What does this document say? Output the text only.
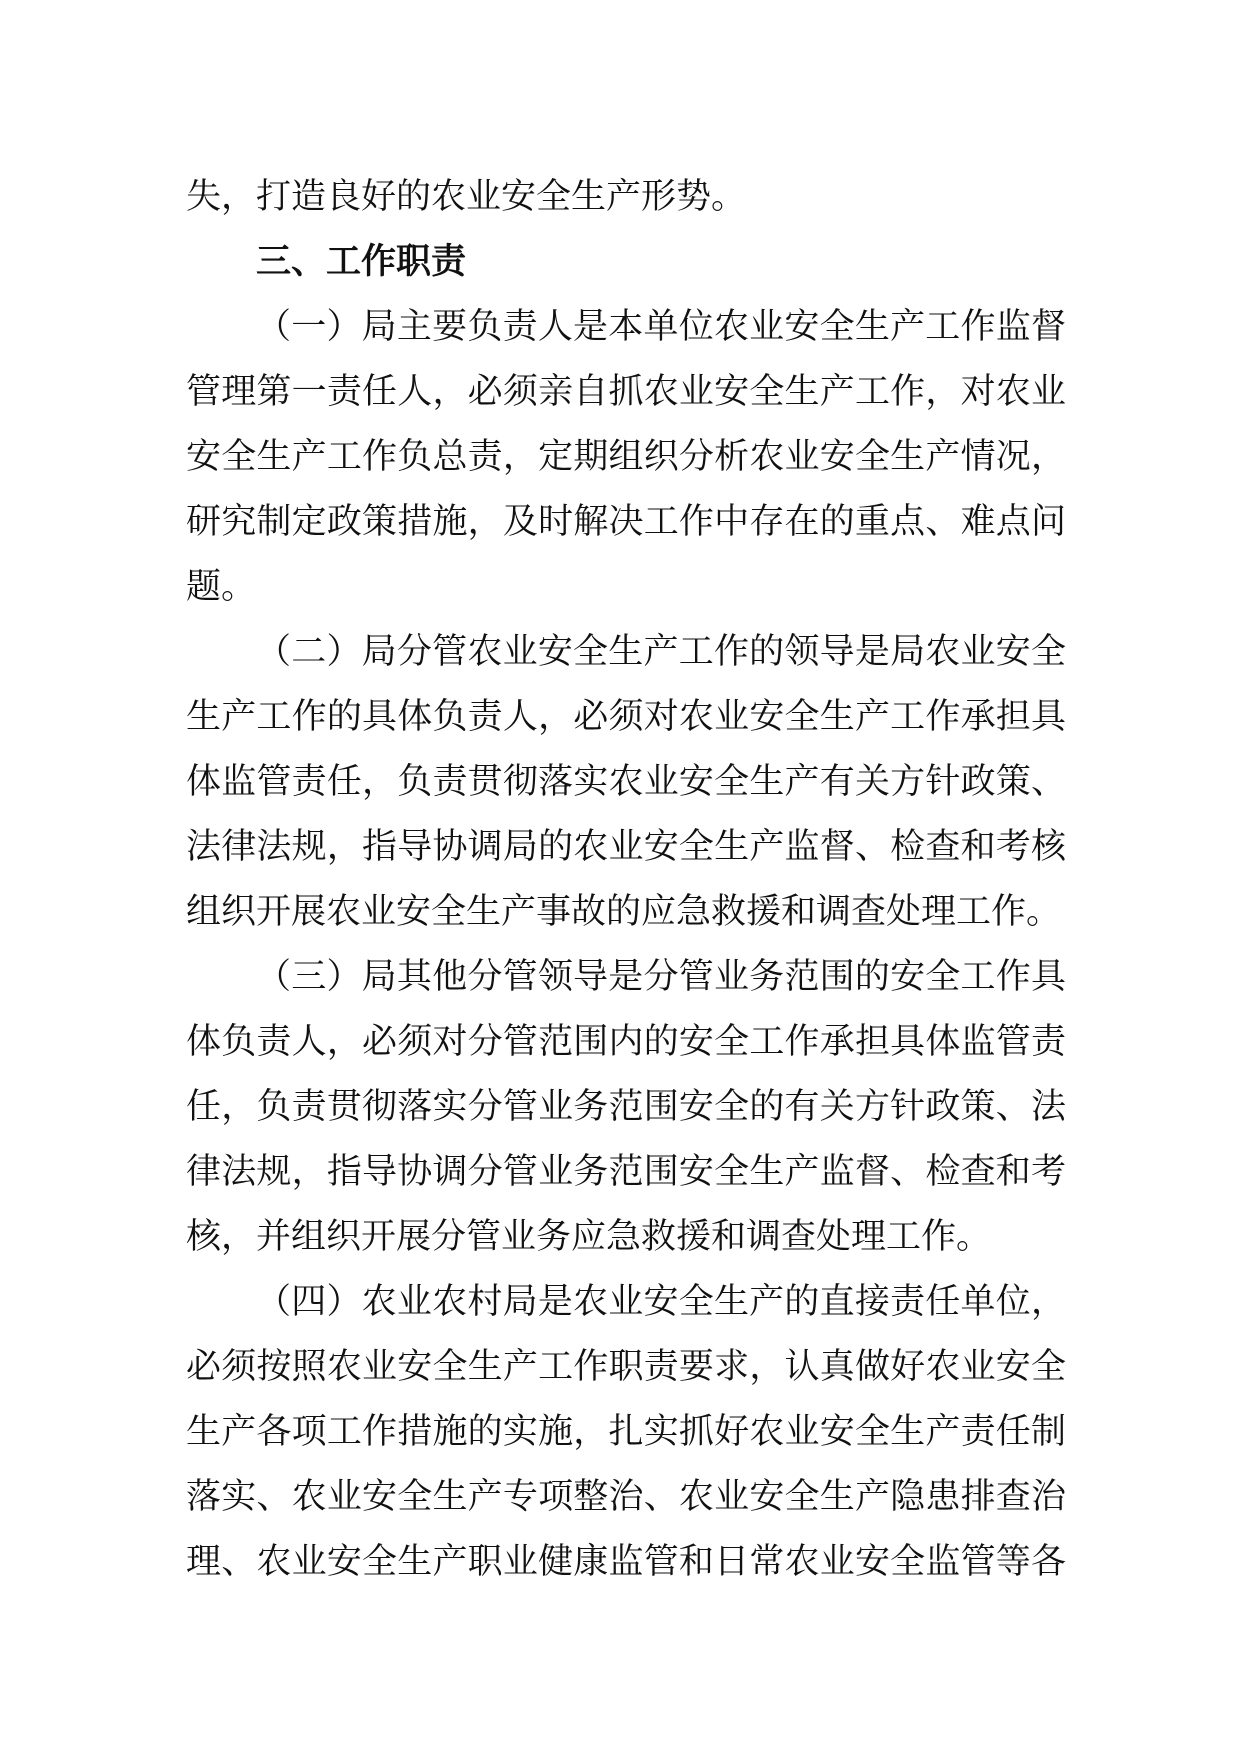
失，打造良好的农业安全生产形势。
三、工作职责
（一）局主要负责人是本单位农业安全生产工作监督
管理第一责任人，必须亲自抓农业安全生产工作，对农业
安全生产工作负总责，定期组织分析农业安全生产情况，
研究制定政策措施，及时解决工作中存在的重点、难点问
题。
（二）局分管农业安全生产工作的领导是局农业安全
生产工作的具体负责人，必须对农业安全生产工作承担具
体监管责任，负责贯彻落实农业安全生产有关方针政策、
法律法规，指导协调局的农业安全生产监督、检查和考核
组织开展农业安全生产事故的应急救援和调查处理工作。
（三）局其他分管领导是分管业务范围的安全工作具
体负责人，必须对分管范围内的安全工作承担具体监管责
任，负责贯彻落实分管业务范围安全的有关方针政策、法
律法规，指导协调分管业务范围安全生产监督、检查和考
核，并组织开展分管业务应急救援和调查处理工作。
（四）农业农村局是农业安全生产的直接责任单位，
必须按照农业安全生产工作职责要求，认真做好农业安全
生产各项工作措施的实施，扎实抓好农业安全生产责任制
落实、农业安全生产专项整治、农业安全生产隐患排查治
理、农业安全生产职业健康监管和日常农业安全监管等各
